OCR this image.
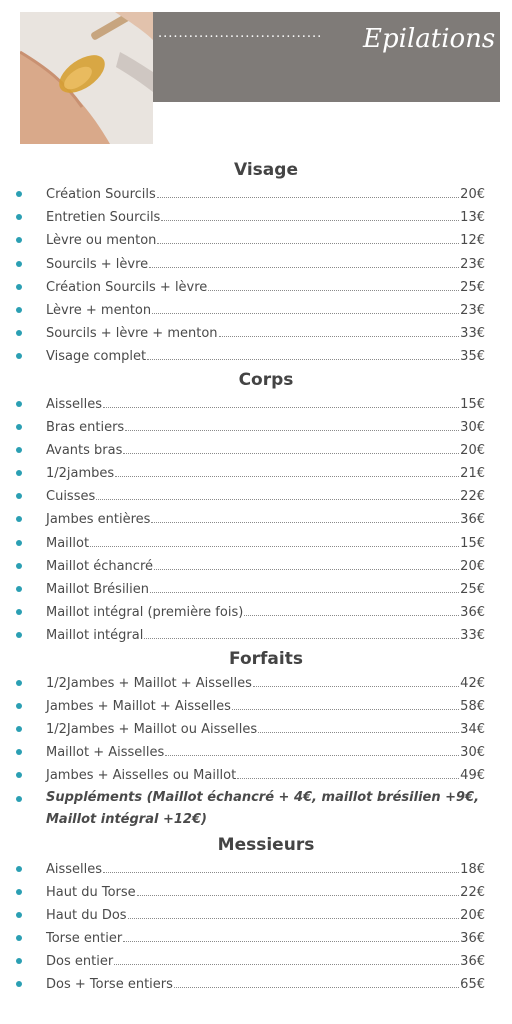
................................	Epilations
Visage
Création Sourcils	20€
Entretien Sourcils	13€
Lèvre ou menton	12€
Sourcils + lèvre	23€
Création Sourcils + lèvre	25€
Lèvre + menton	23€
Sourcils + lèvre + menton	33€
Visage complet	35€
Corps
Aisselles	15€
Bras entiers	30€
Avants bras	20€
1/2jambes	21€
Cuisses	22€
Jambes entières	36€
Maillot	15€
Maillot échancré	20€
Maillot Brésilien	25€
Maillot intégral (première fois)	36€
Maillot intégral	33€
Forfaits
1/2Jambes + Maillot + Aisselles	42€
Jambes + Maillot + Aisselles	58€
1/2Jambes + Maillot ou Aisselles	34€
Maillot + Aisselles	30€
Jambes + Aisselles ou Maillot	49€
Suppléments (Maillot échancré + 4€, maillot brésilien +9€, Maillot intégral +12€)
Messieurs
Aisselles	18€
Haut du Torse	22€
Haut du Dos	20€
Torse entier	36€
Dos entier	36€
Dos + Torse entiers	65€
